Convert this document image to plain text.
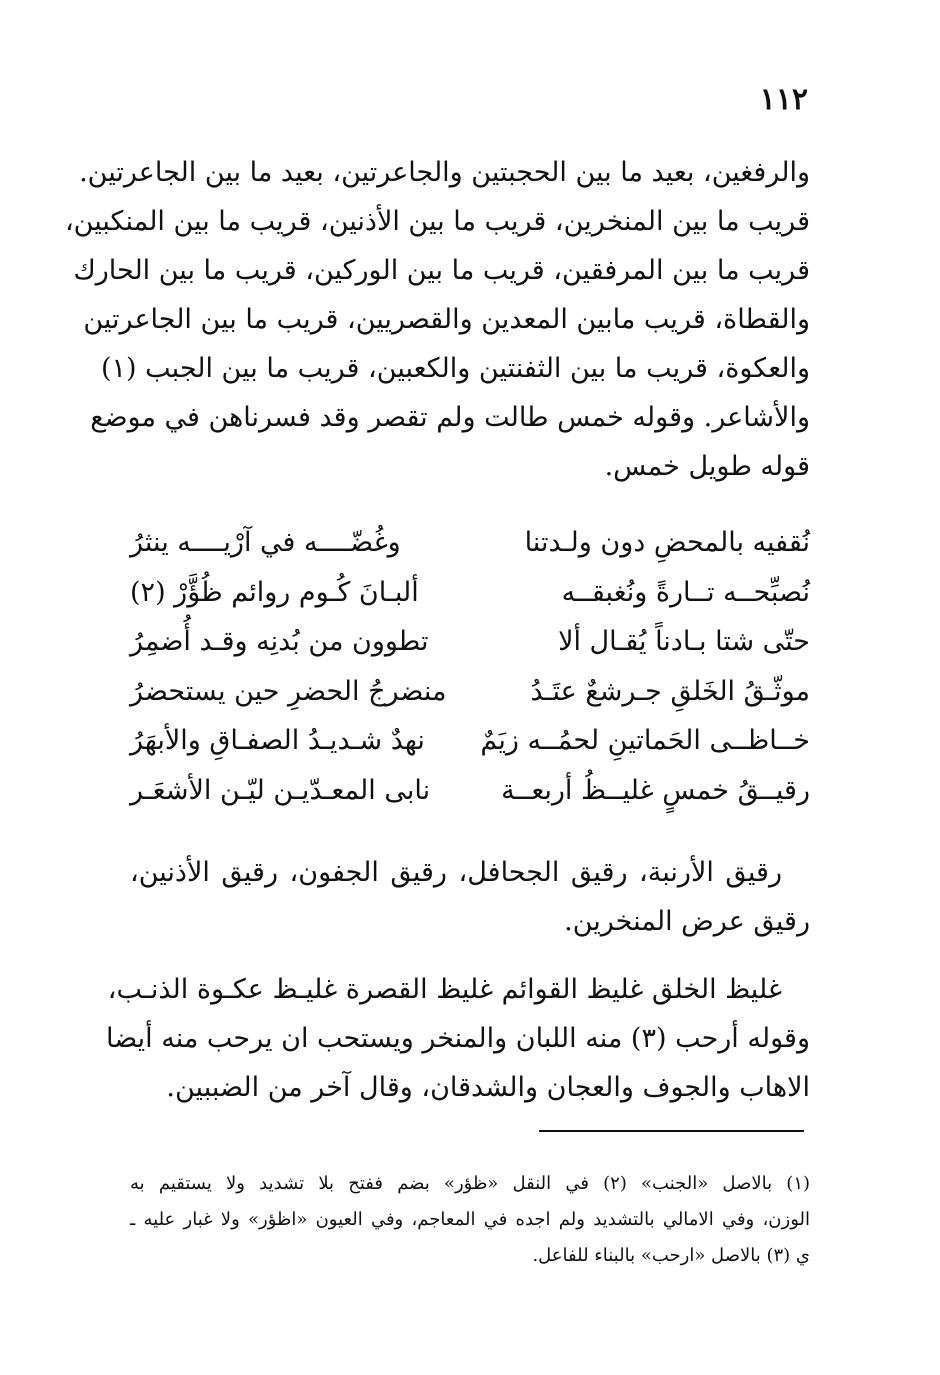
١١٢
والرفغين، بعيد ما بين الحجبتين والجاعرتين، بعيد ما بين الجاعرتين.
قريب ما بين المنخرين، قريب ما بين الأذنين، قريب ما بين المنكبين،
قريب ما بين المرفقين، قريب ما بين الوركين، قريب ما بين الحارك
والقطاة، قريب مابين المعدين والقصريين، قريب ما بين الجاعرتين
والعكوة، قريب ما بين الثفنتين والكعبين، قريب ما بين الجبب (١)
والأشاعر. وقوله خمس طالت ولم تقصر وقد فسرناهن في موضع
قوله طويل خمس.
نُقفيه بالمحضِ دون ولـدتنا
وغُضّــــه في آرْيــــه ينثرُ
نُصبِّحــه تــارةً ونُغبقــه
ألبـانَ كُـوم روائم ظُؤَّرْ (٢)
حتّى شتا بـادناً يُقـال ألا
تطوون من بُدنِه وقـد أُضمِرُ
موثّـقُ الخَلقِ جـرشعٌ عتَـدُ
منضرجُ الحضرِ حين يستحضرُ
خــاظــى الحَماتينِ لحمُــه زيَمٌ
نهدٌ شـديـدُ الصفـاقِ والأبهَرُ
رقيــقُ خمسٍ غليــظُ أربعــة
نابى المعـدّيـن ليّـن الأشعَـر
رقيق الأرنبة، رقيق الجحافل، رقيق الجفون، رقيق الأذنين،
رقيق عرض المنخرين.
غليظ الخلق غليظ القوائم غليظ القصرة غليـظ عكـوة الذنـب،
وقوله أرحب (٣) منه اللبان والمنخر ويستحب ان يرحب منه أيضا
الاهاب والجوف والعجان والشدقان، وقال آخر من الضببين.
(١) بالاصل «الجنب» (٢) في النقل «ظؤر» بضم ففتح بلا تشديد ولا يستقيم به
الوزن، وفي الامالي بالتشديد ولم اجده في المعاجم، وفي العيون «اظؤر» ولا غبار عليه ـ
ي (٣) بالاصل «ارحب» بالبناء للفاعل.
